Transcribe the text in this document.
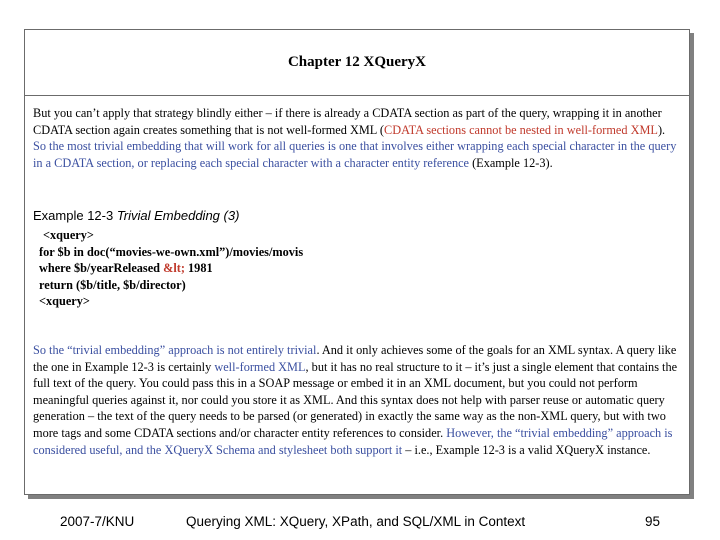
Chapter 12 XQueryX
But you can’t apply that strategy blindly either – if there is already a CDATA section as part of the query, wrapping it in another CDATA section again creates something that is not well-formed XML (CDATA sections cannot be nested in well-formed XML). So the most trivial embedding that will work for all queries is one that involves either wrapping each special character in the query in a CDATA section, or replacing each special character with a character entity reference (Example 12-3).
Example 12-3 Trivial Embedding (3)
<xquery>
for $b in doc(“movies-we-own.xml”)/movies/movis
where $b/yearReleased &lt; 1981
return ($b/title, $b/director)
<xquery>
So the “trivial embedding” approach is not entirely trivial. And it only achieves some of the goals for an XML syntax. A query like the one in Example 12-3 is certainly well-formed XML, but it has no real structure to it – it’s just a single element that contains the full text of the query. You could pass this in a SOAP message or embed it in an XML document, but you could not perform meaningful queries against it, nor could you store it as XML. And this syntax does not help with parser reuse or automatic query generation – the text of the query needs to be parsed (or generated) in exactly the same way as the non-XML query, but with two more tags and some CDATA sections and/or character entity references to consider. However, the “trivial embedding” approach is considered useful, and the XQueryX Schema and stylesheet both support it – i.e., Example 12-3 is a valid XQueryX instance.
2007-7/KNU	Querying XML: XQuery, XPath, and SQL/XML in Context	95
